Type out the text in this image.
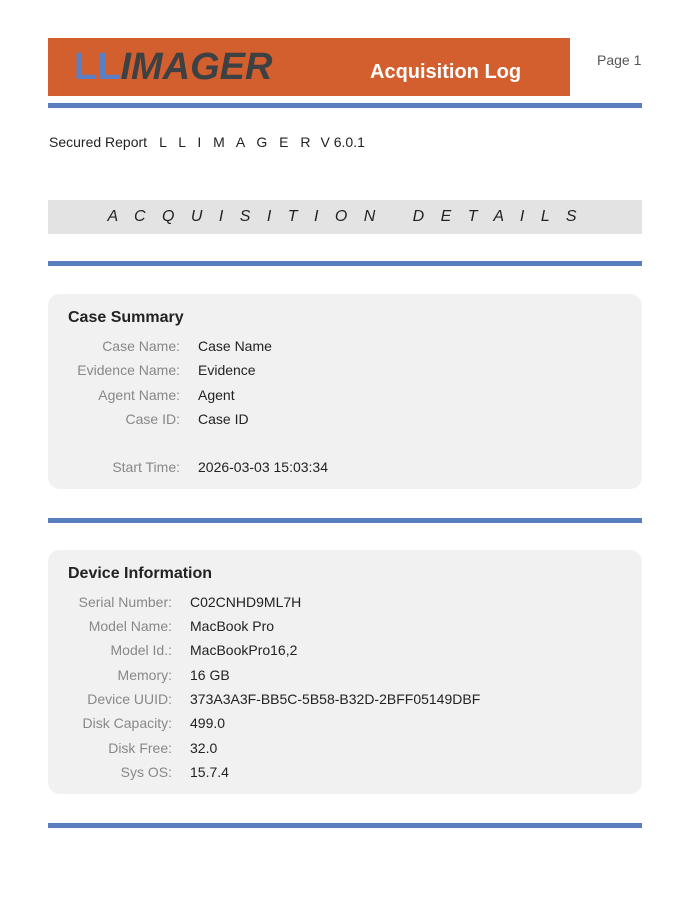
LLIMAGER	Acquisition Log
Page 1
Secured Report L L I M A G E R V 6.0.1
A C Q U I S I T I O N   D E T A I L S
Case Summary
Case Name:	Case Name
Evidence Name:	Evidence
Agent Name:	Agent
Case ID:	Case ID
Start Time:	2026-03-03 15:03:34
Device Information
Serial Number:	C02CNHD9ML7H
Model Name:	MacBook Pro
Model Id.:	MacBookPro16,2
Memory:	16 GB
Device UUID:	373A3A3F-BB5C-5B58-B32D-2BFF05149DBF
Disk Capacity:	499.0
Disk Free:	32.0
Sys OS:	15.7.4
